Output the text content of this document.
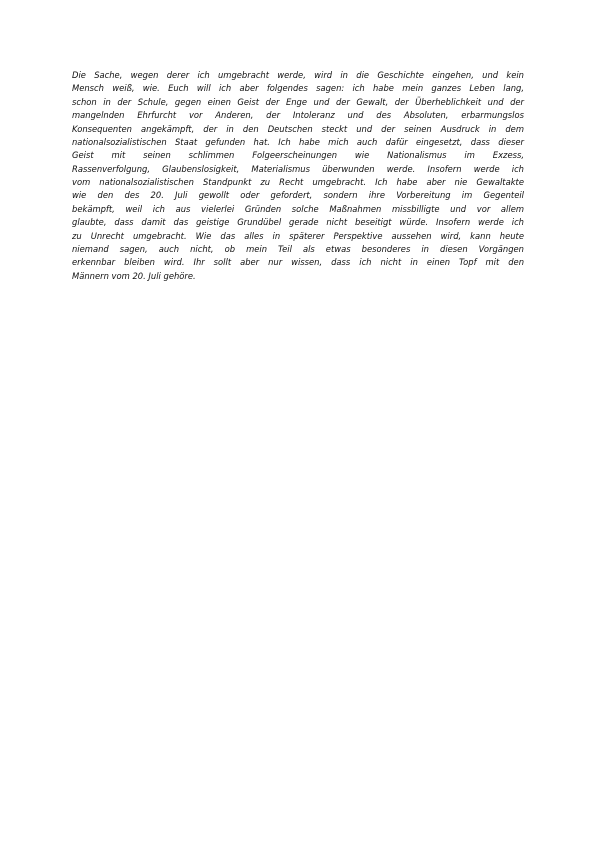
Die Sache, wegen derer ich umgebracht werde, wird in die Geschichte eingehen, und kein
Mensch weiß, wie. Euch will ich aber folgendes sagen: ich habe mein ganzes Leben lang,
schon in der Schule, gegen einen Geist der Enge und der Gewalt, der Überheblichkeit und der
mangelnden Ehrfurcht vor Anderen, der Intoleranz und des Absoluten, erbarmungslos
Konsequenten angekämpft, der in den Deutschen steckt und der seinen Ausdruck in dem
nationalsozialistischen Staat gefunden hat. Ich habe mich auch dafür eingesetzt, dass dieser
Geist mit seinen schlimmen Folgeerscheinungen wie Nationalismus im Exzess,
Rassenverfolgung, Glaubenslosigkeit, Materialismus überwunden werde. Insofern werde ich
vom nationalsozialistischen Standpunkt zu Recht umgebracht. Ich habe aber nie Gewaltakte
wie den des 20. Juli gewollt oder gefordert, sondern ihre Vorbereitung im Gegenteil
bekämpft, weil ich aus vielerlei Gründen solche Maßnahmen missbilligte und vor allem
glaubte, dass damit das geistige Grundübel gerade nicht beseitigt würde. Insofern werde ich
zu Unrecht umgebracht. Wie das alles in späterer Perspektive aussehen wird, kann heute
niemand sagen, auch nicht, ob mein Teil als etwas besonderes in diesen Vorgängen
erkennbar bleiben wird. Ihr sollt aber nur wissen, dass ich nicht in einen Topf mit den
Männern vom 20. Juli gehöre.
